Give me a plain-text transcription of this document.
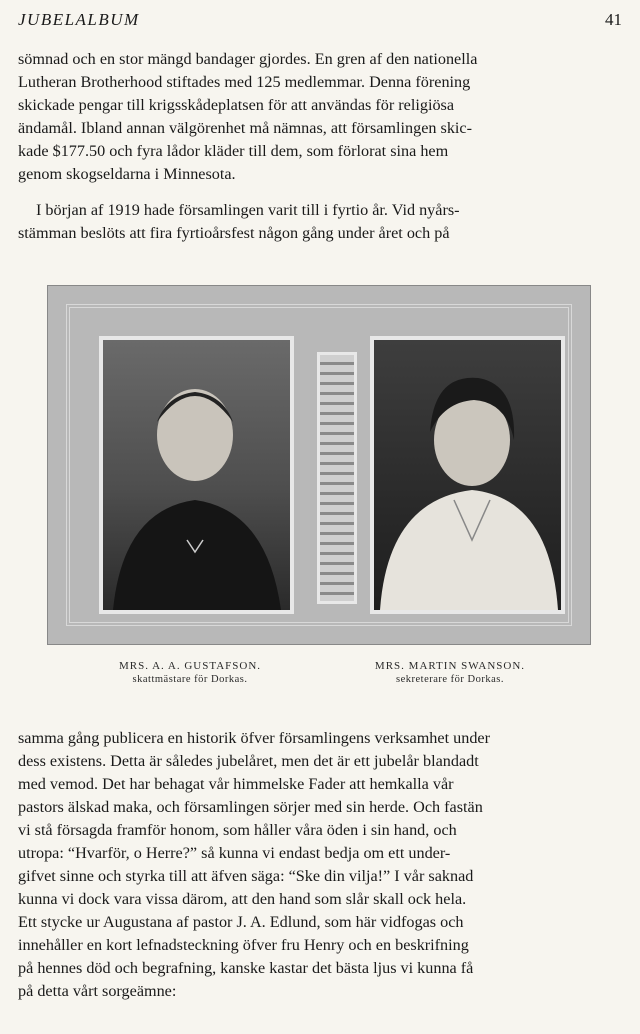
JUBELALBUM	41
sömnad och en stor mängd bandager gjordes. En gren af den nationella
Lutheran Brotherhood stiftades med 125 medlemmar. Denna förening
skickade pengar till krigsskådeplatsen för att användas för religiösa
ändamål. Ibland annan välgörenhet må nämnas, att församlingen skic-
kade $177.50 och fyra lådor kläder till dem, som förlorat sina hem
genom skogseldarna i Minnesota.
I början af 1919 hade församlingen varit till i fyrtio år. Vid nyårs-
stämman beslöts att fira fyrtioårsfest någon gång under året och på
MRS. A. A. GUSTAFSON.
skattmästare för Dorkas.
MRS. MARTIN SWANSON.
sekreterare för Dorkas.
samma gång publicera en historik öfver församlingens verksamhet under
dess existens. Detta är således jubelåret, men det är ett jubelår blandadt
med vemod. Det har behagat vår himmelske Fader att hemkalla vår
pastors älskad maka, och församlingen sörjer med sin herde. Och fastän
vi stå försagda framför honom, som håller våra öden i sin hand, och
utropa: “Hvarför, o Herre?” så kunna vi endast bedja om ett under-
gifvet sinne och styrka till att äfven säga: “Ske din vilja!” I vår saknad
kunna vi dock vara vissa därom, att den hand som slår skall ock hela.
Ett stycke ur Augustana af pastor J. A. Edlund, som här vidfogas och
innehåller en kort lefnadsteckning öfver fru Henry och en beskrifning
på hennes död och begrafning, kanske kastar det bästa ljus vi kunna få
på detta vårt sorgeämne:
